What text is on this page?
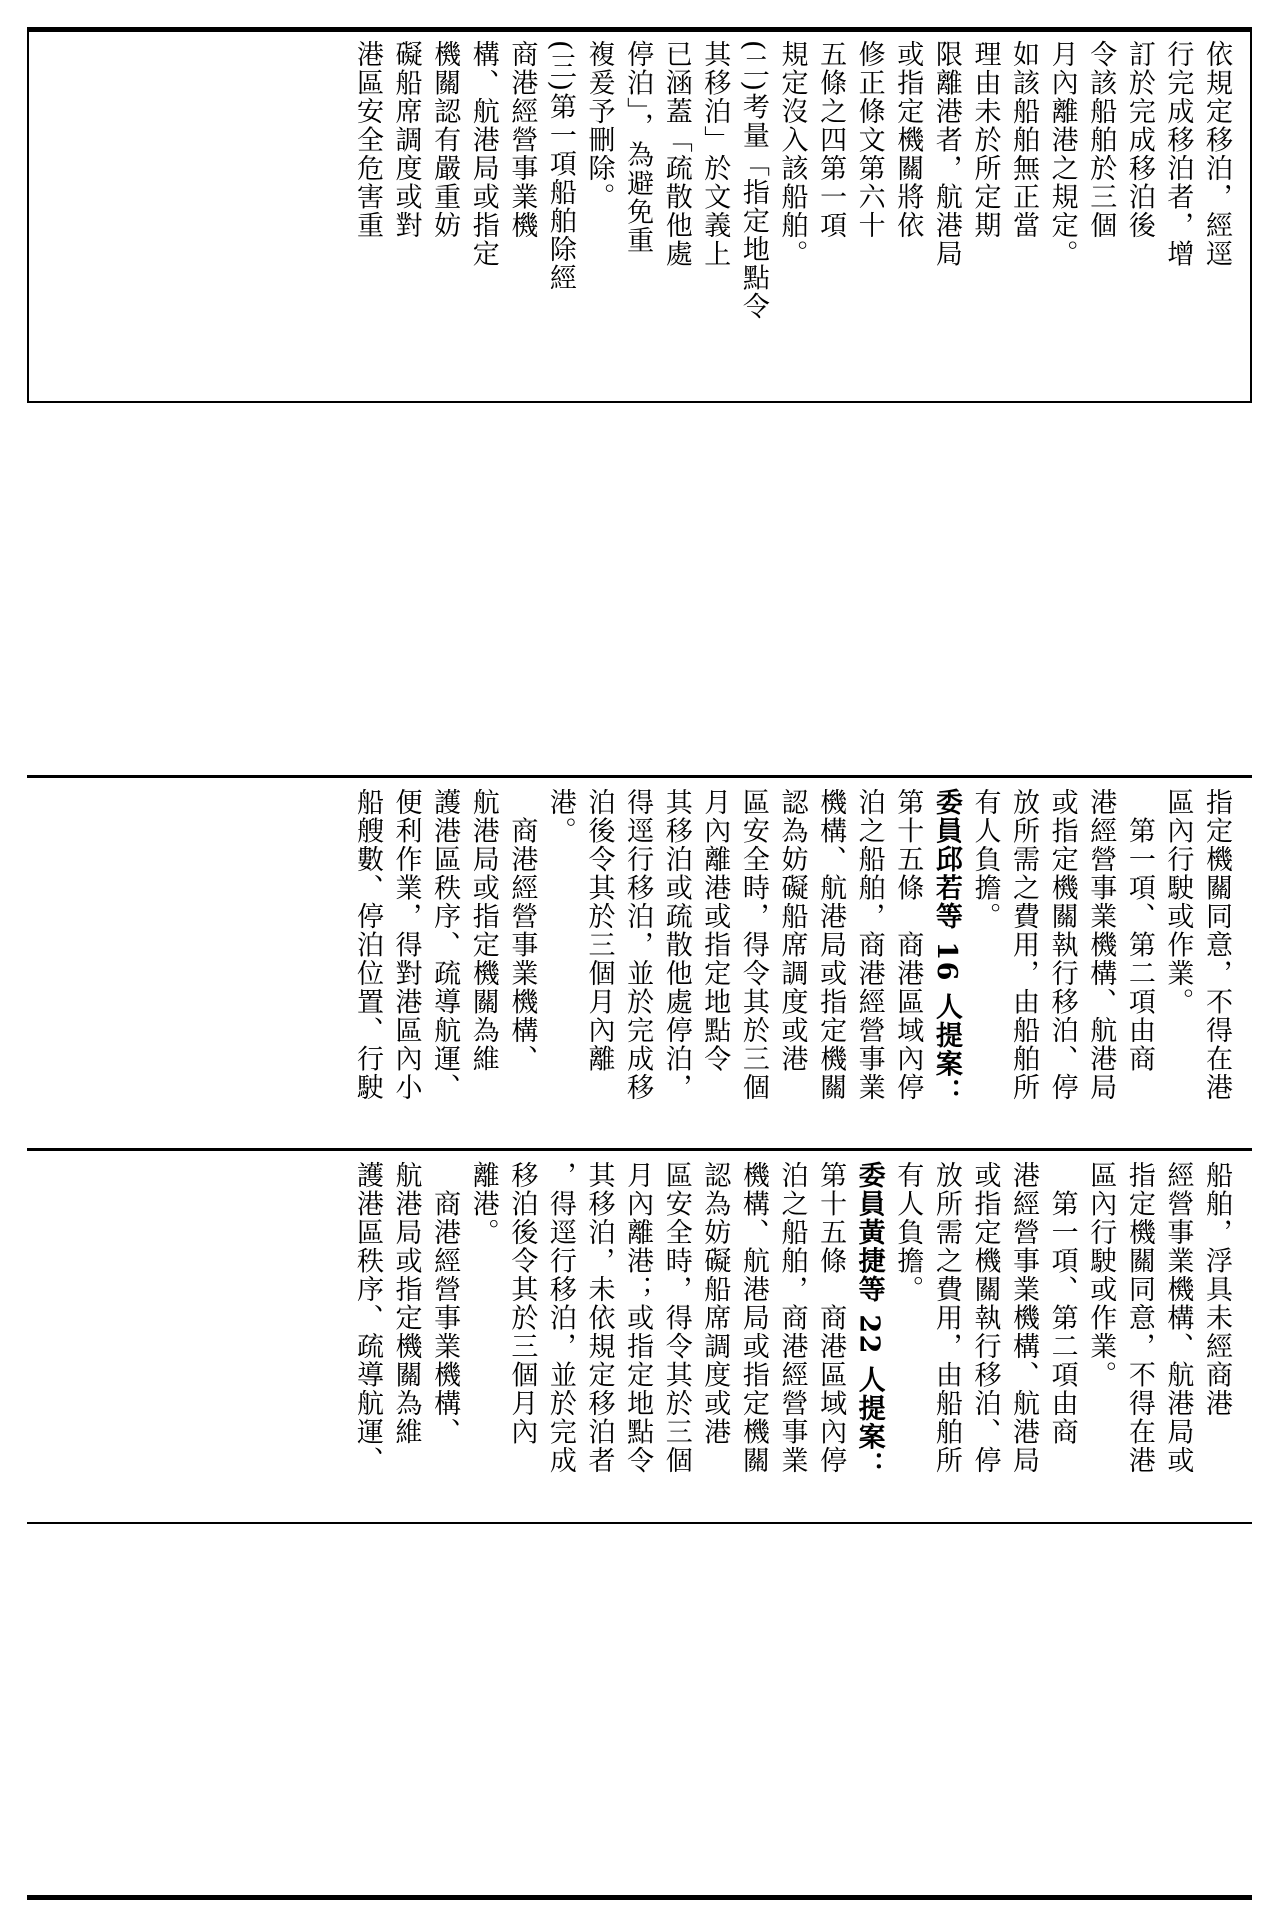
依規定移泊，經逕
行完成移泊者，增
訂於完成移泊後
令該船舶於三個
月內離港之規定。
如該船舶無正當
理由未於所定期
限離港者，航港局
或指定機關將依
修正條文第六十
五條之四第一項
規定沒入該船舶。
(二)考量「指定地點令
其移泊」於文義上
已涵蓋「疏散他處
停泊」，為避免重
複爰予刪除。
(三)第一項船舶除經
商港經營事業機
構、航港局或指定
機關認有嚴重妨
礙船席調度或對
港區安全危害重
指定機關同意，不得在港
區內行駛或作業。
　第一項、第二項由商
港經營事業機構、航港局
或指定機關執行移泊、停
放所需之費用，由船舶所
有人負擔。
委員邱若等 16 人提案：
第十五條　商港區域內停
泊之船舶，商港經營事業
機構、航港局或指定機關
認為妨礙船席調度或港
區安全時，得令其於三個
月內離港或指定地點令
其移泊或疏散他處停泊，
得逕行移泊，並於完成移
泊後令其於三個月內離
港。
　商港經營事業機構、
航港局或指定機關為維
護港區秩序、疏導航運、
便利作業，得對港區內小
船艘數、停泊位置、行駛
船舶，浮具未經商港
經營事業機構、航港局或
指定機關同意，不得在港
區內行駛或作業。
　第一項、第二項由商
港經營事業機構、航港局
或指定機關執行移泊、停
放所需之費用，由船舶所
有人負擔。
委員黃捷等 22 人提案：
第十五條　商港區域內停
泊之船舶，商港經營事業
機構、航港局或指定機關
認為妨礙船席調度或港
區安全時，得令其於三個
月內離港；或指定地點令
其移泊，未依規定移泊者
，得逕行移泊，並於完成
移泊後令其於三個月內
離港。
　商港經營事業機構、
航港局或指定機關為維
護港區秩序、疏導航運、
